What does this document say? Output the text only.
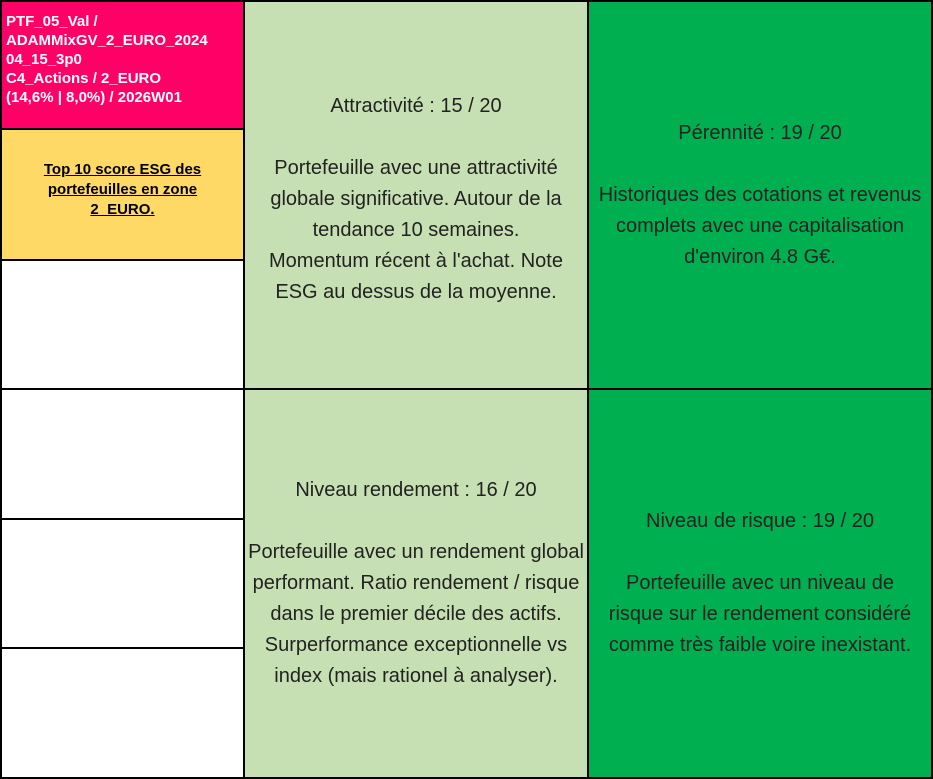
PTF_05_Val /
ADAMMixGV_2_EURO_2024
04_15_3p0
C4_Actions / 2_EURO
(14,6% | 8,0%) / 2026W01
Top 10 score ESG des portefeuilles en zone 2_EURO.
Attractivité : 15 / 20
Portefeuille avec une attractivité globale significative. Autour de la tendance 10 semaines. Momentum récent à l'achat. Note ESG au dessus de la moyenne.
Pérennité : 19 / 20
Historiques des cotations et revenus complets avec une capitalisation d'environ 4.8 G€.
Niveau rendement : 16 / 20
Portefeuille avec un rendement global performant. Ratio rendement / risque dans le premier décile des actifs. Surperformance exceptionnelle vs index (mais rationel à analyser).
Niveau de risque : 19 / 20
Portefeuille avec un niveau de risque sur le rendement considéré comme très faible voire inexistant.
